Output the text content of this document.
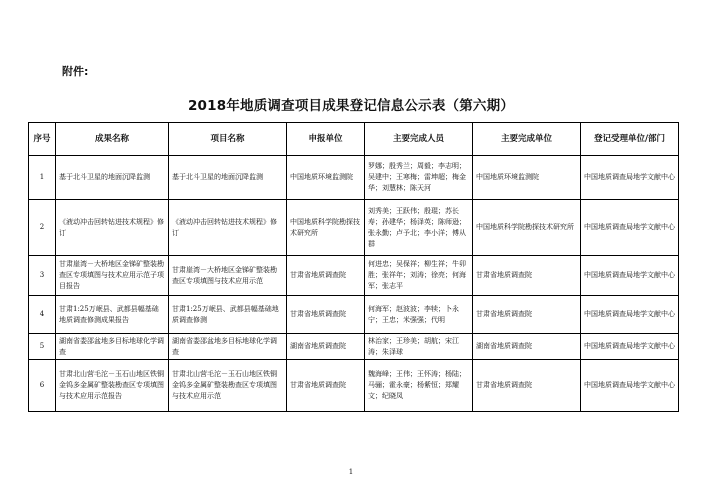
附件:
2018年地质调查项目成果登记信息公示表（第六期）
序号	成果名称	项目名称	申报单位	主要完成人员	主要完成单位	登记受理单位/部门
1	基于北斗卫星的地面沉降监测	基于北斗卫星的地面沉降监测	中国地质环境监测院	罗娜；殷秀兰；周毅；李志明；吴建中；王寒梅；雷坤超；梅金华；刘慧林；陈天河	中国地质环境监测院	中国地质调查局地学文献中心
2	《液动冲击回转钻进技术规程》修订	《液动冲击回转钻进技术规程》修订	中国地质科学院勘探技术研究所	刘秀美；王跃伟；殷琨；苏长寿；孙建华；杨泽英；陈师逊；张永勤；卢予北；李小洋；傅从群	中国地质科学院勘探技术研究所	中国地质调查局地学文献中心
3	甘肃崖湾－大桥地区金锑矿整装勘查区专项填图与技术应用示范子项目报告	甘肃崖湾－大桥地区金锑矿整装勘查区专项填图与技术应用示范	甘肃省地质调查院	何进忠；吴保祥；柳生祥；牛卯胜；张祥年；刘涛；徐亮；何海军；张志平	甘肃省地质调查院	中国地质调查局地学文献中心
4	甘肃1:25万岷县、武都县幅基础地质调查修测成果报告	甘肃1:25万岷县、武都县幅基础地质调查修测	甘肃省地质调查院	何海军；赵波波；李犊；卜永宁；王忠；米强强；代明	甘肃省地质调查院	中国地质调查局地学文献中心
5	湖南省娄邵盆地多目标地球化学调查	湖南省娄邵盆地多目标地球化学调查	湖南省地质调查院	林治家；王珍美；胡航；宋江涛；朱泽球	湖南省地质调查院	中国地质调查局地学文献中心
6	甘肃北山营毛沱－玉石山地区铁铜金钨多金属矿整装勘查区专项填图与技术应用示范报告	甘肃北山营毛沱－玉石山地区铁铜金钨多金属矿整装勘查区专项填图与技术应用示范	甘肃省地质调查院	魏海峰；王伟；王怀涛；杨陆；马骊；霍永豪；杨紫恒；郑耀文；纪晓凤	甘肃省地质调查院	中国地质调查局地学文献中心
1
